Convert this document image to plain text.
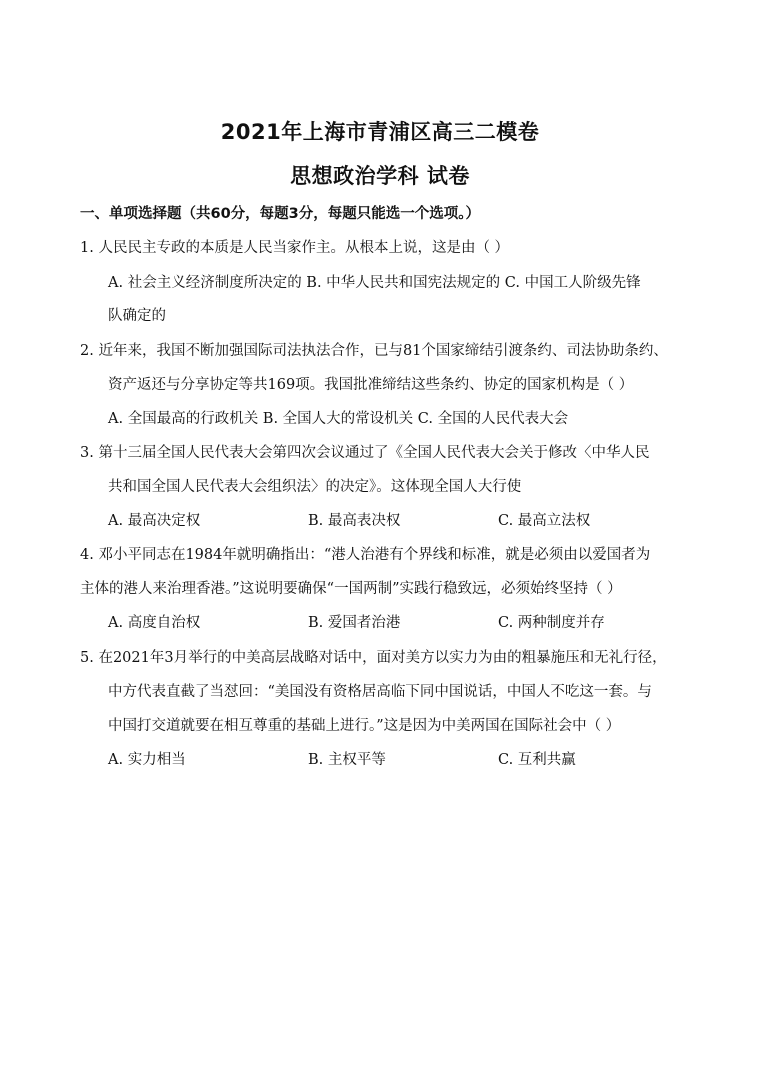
2021年上海市青浦区高三二模卷
思想政治学科 试卷
一、单项选择题（共60分，每题3分，每题只能选一个选项。）
1. 人民民主专政的本质是人民当家作主。从根本上说，这是由（ ）
A. 社会主义经济制度所决定的 B. 中华人民共和国宪法规定的 C. 中国工人阶级先锋
队确定的
2. 近年来，我国不断加强国际司法执法合作，已与81个国家缔结引渡条约、司法协助条约、
资产返还与分享协定等共169项。我国批准缔结这些条约、协定的国家机构是（ ）
A. 全国最高的行政机关 B. 全国人大的常设机关 C. 全国的人民代表大会
3. 第十三届全国人民代表大会第四次会议通过了《全国人民代表大会关于修改〈中华人民
共和国全国人民代表大会组织法〉的决定》。这体现全国人大行使
A. 最高决定权	B. 最高表决权	C. 最高立法权
4. 邓小平同志在1984年就明确指出：“港人治港有个界线和标准，就是必须由以爱国者为
主体的港人来治理香港。”这说明要确保“一国两制”实践行稳致远，必须始终坚持（ ）
A. 高度自治权	B. 爱国者治港	C. 两种制度并存
5. 在2021年3月举行的中美高层战略对话中，面对美方以实力为由的粗暴施压和无礼行径，
中方代表直截了当怼回：“美国没有资格居高临下同中国说话，中国人不吃这一套。与
中国打交道就要在相互尊重的基础上进行。”这是因为中美两国在国际社会中（ ）
A. 实力相当	B. 主权平等	C. 互利共赢
